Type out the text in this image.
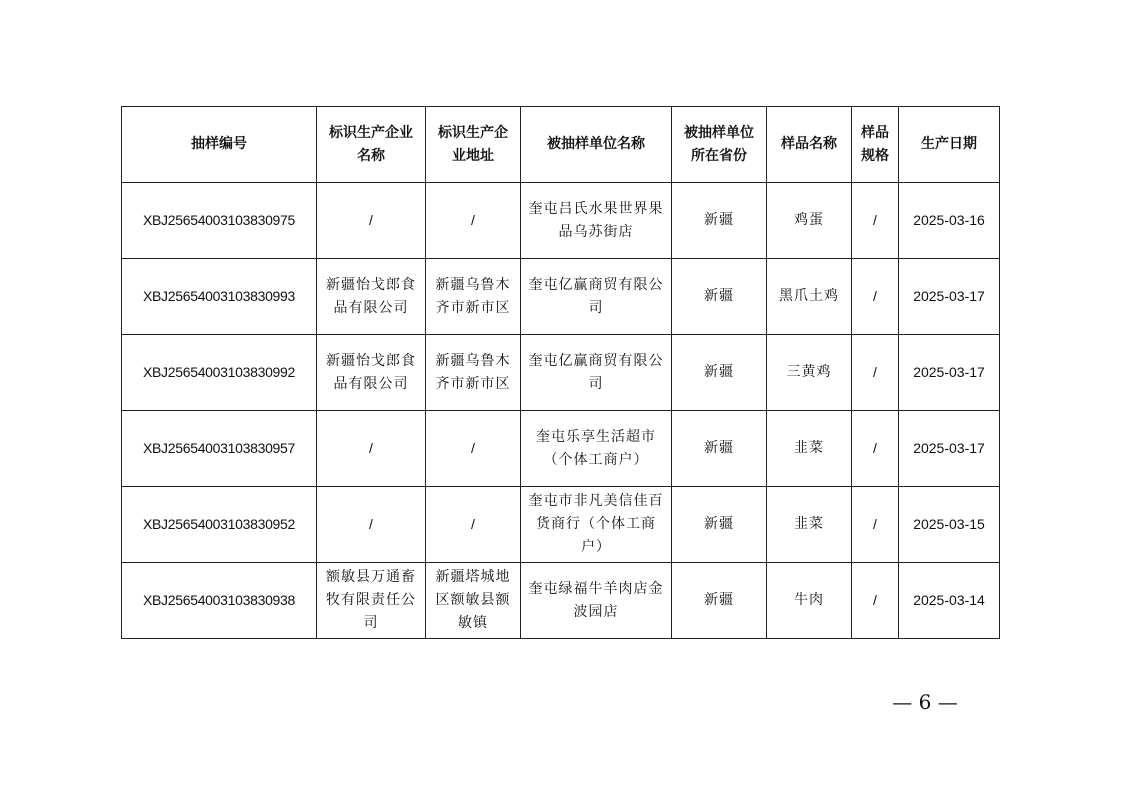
抽样编号	标识生产企业名称	标识生产企业地址	被抽样单位名称	被抽样单位所在省份	样品名称	样品规格	生产日期
XBJ25654003103830975	/	/	奎屯吕氏水果世界果品乌苏街店	新疆	鸡蛋	/	2025-03-16
XBJ25654003103830993	新疆怡戈郎食品有限公司	新疆乌鲁木齐市新市区	奎屯亿赢商贸有限公司	新疆	黑爪土鸡	/	2025-03-17
XBJ25654003103830992	新疆怡戈郎食品有限公司	新疆乌鲁木齐市新市区	奎屯亿赢商贸有限公司	新疆	三黄鸡	/	2025-03-17
XBJ25654003103830957	/	/	奎屯乐享生活超市（个体工商户）	新疆	韭菜	/	2025-03-17
XBJ25654003103830952	/	/	奎屯市非凡美信佳百货商行（个体工商户）	新疆	韭菜	/	2025-03-15
XBJ25654003103830938	额敏县万通畜牧有限责任公司	新疆塔城地区额敏县额敏镇	奎屯绿福牛羊肉店金波园店	新疆	牛肉	/	2025-03-14
— 6 —
